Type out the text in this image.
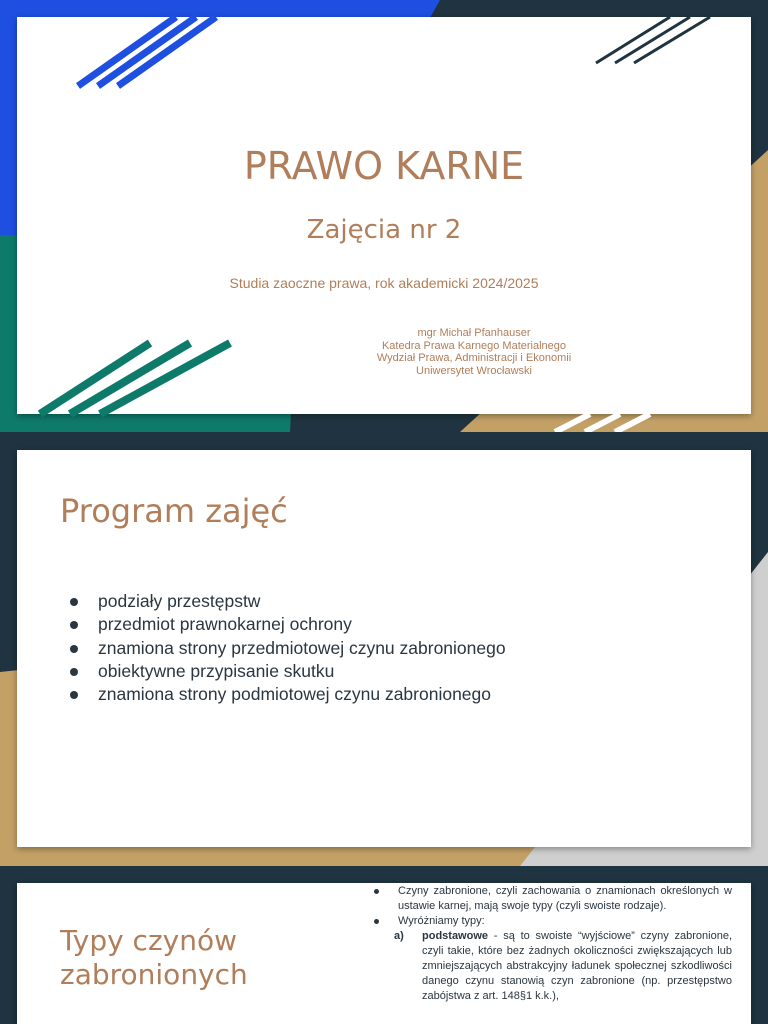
PRAWO KARNE
Zajęcia nr 2
Studia zaoczne prawa, rok akademicki 2024/2025
mgr Michał Pfanhauser
Katedra Prawa Karnego Materialnego
Wydział Prawa, Administracji i Ekonomii
Uniwersytet Wrocławski
Program zajęć
podziały przestępstw
przedmiot prawnokarnej ochrony
znamiona strony przedmiotowej czynu zabronionego
obiektywne przypisanie skutku
znamiona strony podmiotowej czynu zabronionego
Typy czynów zabronionych
Czyny zabronione, czyli zachowania o znamionach określonych w ustawie karnej, mają swoje typy (czyli swoiste rodzaje).
Wyróżniamy typy:
a) podstawowe - są to swoiste “wyjściowe” czyny zabronione, czyli takie, które bez żadnych okoliczności zwiększających lub zmniejszających abstrakcyjny ładunek społecznej szkodliwości danego czynu stanowią czyn zabronione (np. przestępstwo zabójstwa z art. 148§1 k.k.),
